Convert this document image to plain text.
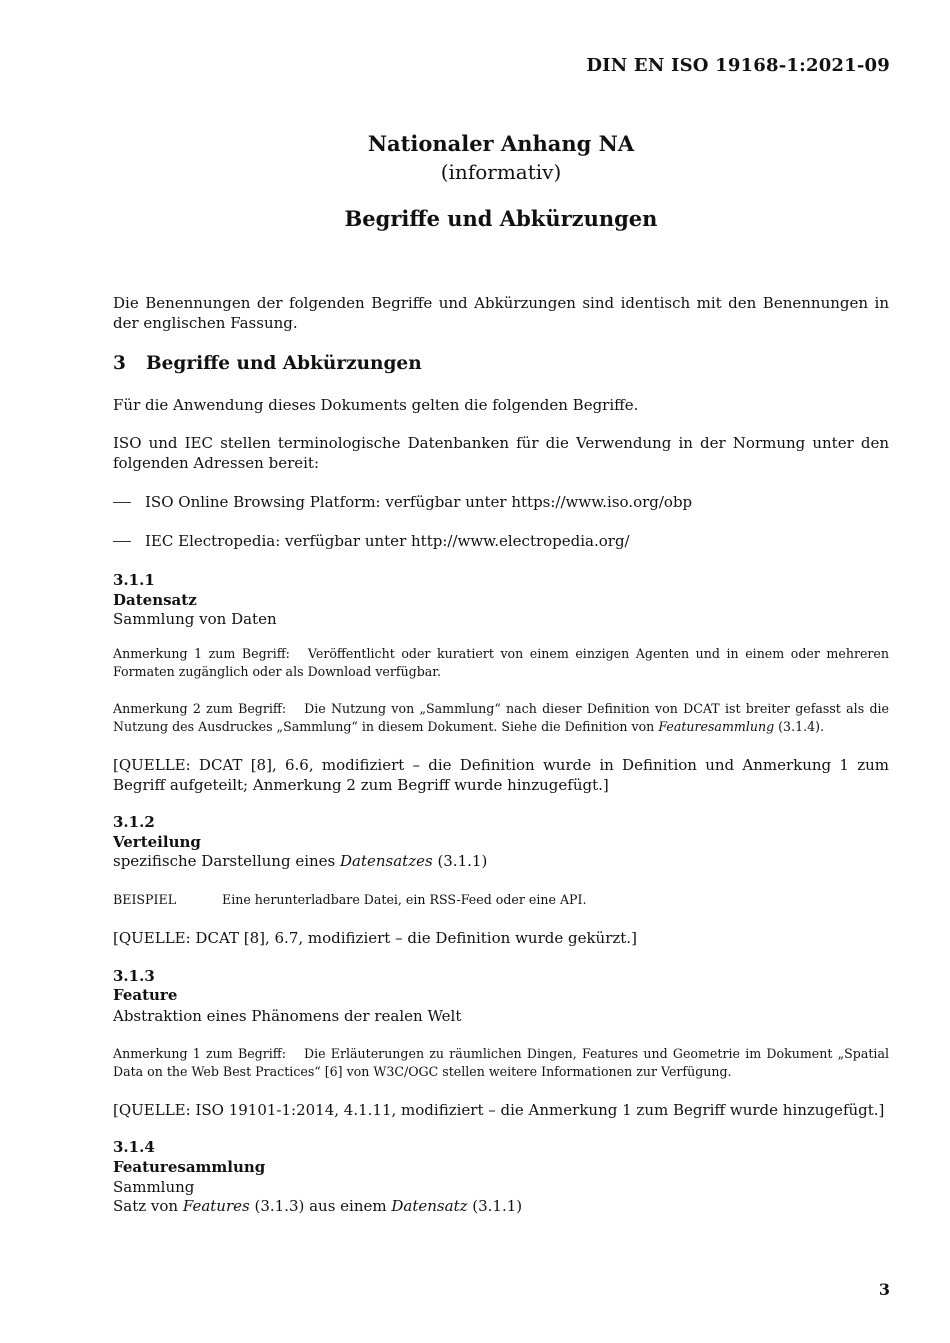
DIN EN ISO 19168-1:2021-09
Nationaler Anhang NA
(informativ)
Begriffe und Abkürzungen
Die Benennungen der folgenden Begriffe und Abkürzungen sind identisch mit den Benennungen in der englischen Fassung.
3 Begriffe und Abkürzungen
Für die Anwendung dieses Dokuments gelten die folgenden Begriffe.
ISO und IEC stellen terminologische Datenbanken für die Verwendung in der Normung unter den folgenden Adressen bereit:
ISO Online Browsing Platform: verfügbar unter https://www.iso.org/obp
IEC Electropedia: verfügbar unter http://www.electropedia.org/
3.1.1
Datensatz
Sammlung von Daten
Anmerkung 1 zum Begriff: Veröffentlicht oder kuratiert von einem einzigen Agenten und in einem oder mehreren Formaten zugänglich oder als Download verfügbar.
Anmerkung 2 zum Begriff: Die Nutzung von „Sammlung“ nach dieser Definition von DCAT ist breiter gefasst als die Nutzung des Ausdruckes „Sammlung“ in diesem Dokument. Siehe die Definition von Featuresammlung (3.1.4).
[QUELLE: DCAT [8], 6.6, modifiziert – die Definition wurde in Definition und Anmerkung 1 zum Begriff aufgeteilt; Anmerkung 2 zum Begriff wurde hinzugefügt.]
3.1.2
Verteilung
spezifische Darstellung eines Datensatzes (3.1.1)
BEISPIEL	Eine herunterladbare Datei, ein RSS-Feed oder eine API.
[QUELLE: DCAT [8], 6.7, modifiziert – die Definition wurde gekürzt.]
3.1.3
Feature
Abstraktion eines Phänomens der realen Welt
Anmerkung 1 zum Begriff: Die Erläuterungen zu räumlichen Dingen, Features und Geometrie im Dokument „Spatial Data on the Web Best Practices“ [6] von W3C/OGC stellen weitere Informationen zur Verfügung.
[QUELLE: ISO 19101-1:2014, 4.1.11, modifiziert – die Anmerkung 1 zum Begriff wurde hinzugefügt.]
3.1.4
Featuresammlung
Sammlung
Satz von Features (3.1.3) aus einem Datensatz (3.1.1)
3
